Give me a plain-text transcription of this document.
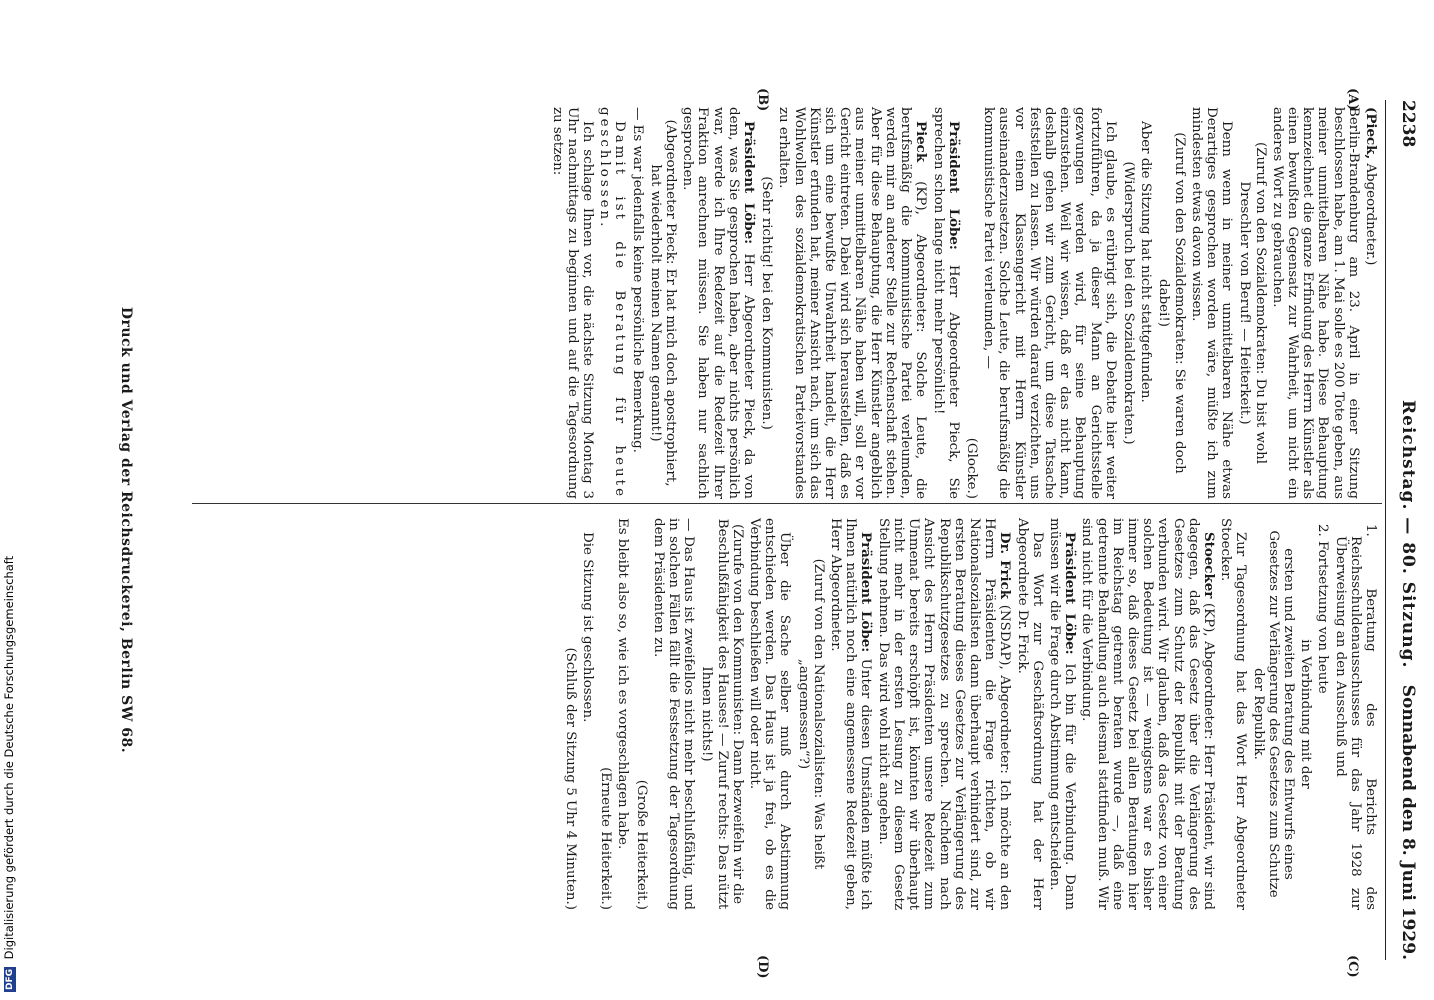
2238
Reichstag. — 80. Sitzung.
Sonnabend den 8. Juni 1929.
(A)
(B)
(C)
(D)

(Pieck, Abgeordneter.)

Berlin-Brandenburg am 23. April in einer Sitzung beschlossen habe, am 1. Mai solle es 200 Tote geben, aus meiner unmittelbaren Nähe habe. Diese Behauptung kennzeichnet die ganze Erfindung des Herrn Künstler als einen bewußten Gegensatz zur Wahrheit, um nicht ein anderes Wort zu gebrauchen.

(Zuruf von den Sozialdemokraten: Du bist wohl Dreschler von Beruf! — Heiterkeit.)

Denn wenn in meiner unmittelbaren Nähe etwas Derartiges gesprochen worden wäre, müßte ich zum mindesten etwas davon wissen.

(Zuruf von den Sozialdemokraten: Sie waren doch dabei!)

Aber die Sitzung hat nicht stattgefunden.

(Widerspruch bei den Sozialdemokraten.)

Ich glaube, es erübrigt sich, die Debatte hier weiter fortzuführen, da ja dieser Mann an Gerichtsstelle gezwungen werden wird, für seine Behauptung einzustehen. Weil wir wissen, daß er das nicht kann, deshalb gehen wir zum Gericht, um diese Tatsache feststellen zu lassen. Wir würden darauf verzichten, uns vor einem Klassengericht mit Herrn Künstler auseinanderzusetzen. Solche Leute, die berufsmäßig die kommunistische Partei verleumden, —

(Glocke.)

Präsident Löbe: Herr Abgeordneter Pieck, Sie sprechen schon lange nicht mehr persönlich!

Pieck (KP), Abgeordneter: Solche Leute, die berufsmäßig die kommunistische Partei verleumden, werden mir an anderer Stelle zur Rechenschaft stehen. Aber für diese Behauptung, die Herr Künstler angeblich aus meiner unmittelbaren Nähe haben will, soll er vor Gericht eintreten. Dabei wird sich herausstellen, daß es sich um eine bewußte Unwahrheit handelt, die Herr Künstler erfunden hat, meiner Ansicht nach, um sich das Wohlwollen des sozialdemokratischen Parteivorstandes zu erhalten.

(Sehr richtig! bei den Kommunisten.)

Präsident Löbe: Herr Abgeordneter Pieck, da von dem, was Sie gesprochen haben, aber nichts persönlich war, werde ich Ihre Redezeit auf die Redezeit Ihrer Fraktion anrechnen müssen. Sie haben nur sachlich gesprochen.

(Abgeordneter Pieck: Er hat mich doch apostrophiert, hat wiederholt meinen Namen genannt!)

— Es war jedenfalls keine persönliche Bemerkung.

Damit ist die Beratung für heute geschlossen.

Ich schlage Ihnen vor, die nächste Sitzung Montag 3 Uhr nachmittags zu beginnen und auf die Tagesordnung zu setzen:

1. Beratung des Berichts des Reichsschuldenausschusses für das Jahr 1928 zur Überweisung an den Ausschuß und

2. Fortsetzung von heute

in Verbindung mit der

ersten und zweiten Beratung des Entwurfs eines Gesetzes zur Verlängerung des Gesetzes zum Schutze der Republik.

Zur Tagesordnung hat das Wort Herr Abgeordneter Stoecker.

Stoecker (KP), Abgeordneter: Herr Präsident, wir sind dagegen, daß das Gesetz über die Verlängerung des Gesetzes zum Schutz der Republik mit der Beratung verbunden wird. Wir glauben, daß das Gesetz von einer solchen Bedeutung ist — wenigstens war es bisher immer so, daß dieses Gesetz bei allen Beratungen hier im Reichstag getrennt beraten wurde —, daß eine getrennte Behandlung auch diesmal stattfinden muß. Wir sind nicht für die Verbindung.

Präsident Löbe: Ich bin für die Verbindung. Dann müssen wir die Frage durch Abstimmung entscheiden.

Das Wort zur Geschäftsordnung hat der Herr Abgeordnete Dr. Frick.

Dr. Frick (NSDAP), Abgeordneter: Ich möchte an den Herrn Präsidenten die Frage richten, ob wir Nationalsozialisten dann überhaupt verhindert sind, zur ersten Beratung dieses Gesetzes zur Verlängerung des Republikschutzgesetzes zu sprechen. Nachdem nach Ansicht des Herrn Präsidenten unsere Redezeit zum Unmenat bereits erschöpft ist, könnten wir überhaupt nicht mehr in der ersten Lesung zu diesem Gesetz Stellung nehmen. Das wird wohl nicht angehen.

Präsident Löbe: Unter diesen Umständen müßte ich Ihnen natürlich noch eine angemessene Redezeit geben, Herr Abgeordneter.

(Zuruf von den Nationalsozialisten: Was heißt „angemessen“?)

Über die Sache selber muß durch Abstimmung entschieden werden. Das Haus ist ja frei, ob es die Verbindung beschließen will oder nicht.

(Zurufe von den Kommunisten: Dann bezweifeln wir die Beschlußfähigkeit des Hauses! — Zuruf rechts: Das nützt Ihnen nichts!)

— Das Haus ist zweifellos nicht mehr beschlußfähig, und in solchen Fällen fällt die Festsetzung der Tagesordnung dem Präsidenten zu.

(Große Heiterkeit.)

Es bleibt also so, wie ich es vorgeschlagen habe.

(Erneute Heiterkeit.)

Die Sitzung ist geschlossen.

(Schluß der Sitzung 5 Uhr 4 Minuten.)

Druck und Verlag der Reichsdruckerei, Berlin SW 68.
DFG Digitalisierung gefördert durch die Deutsche Forschungsgemeinschaft
